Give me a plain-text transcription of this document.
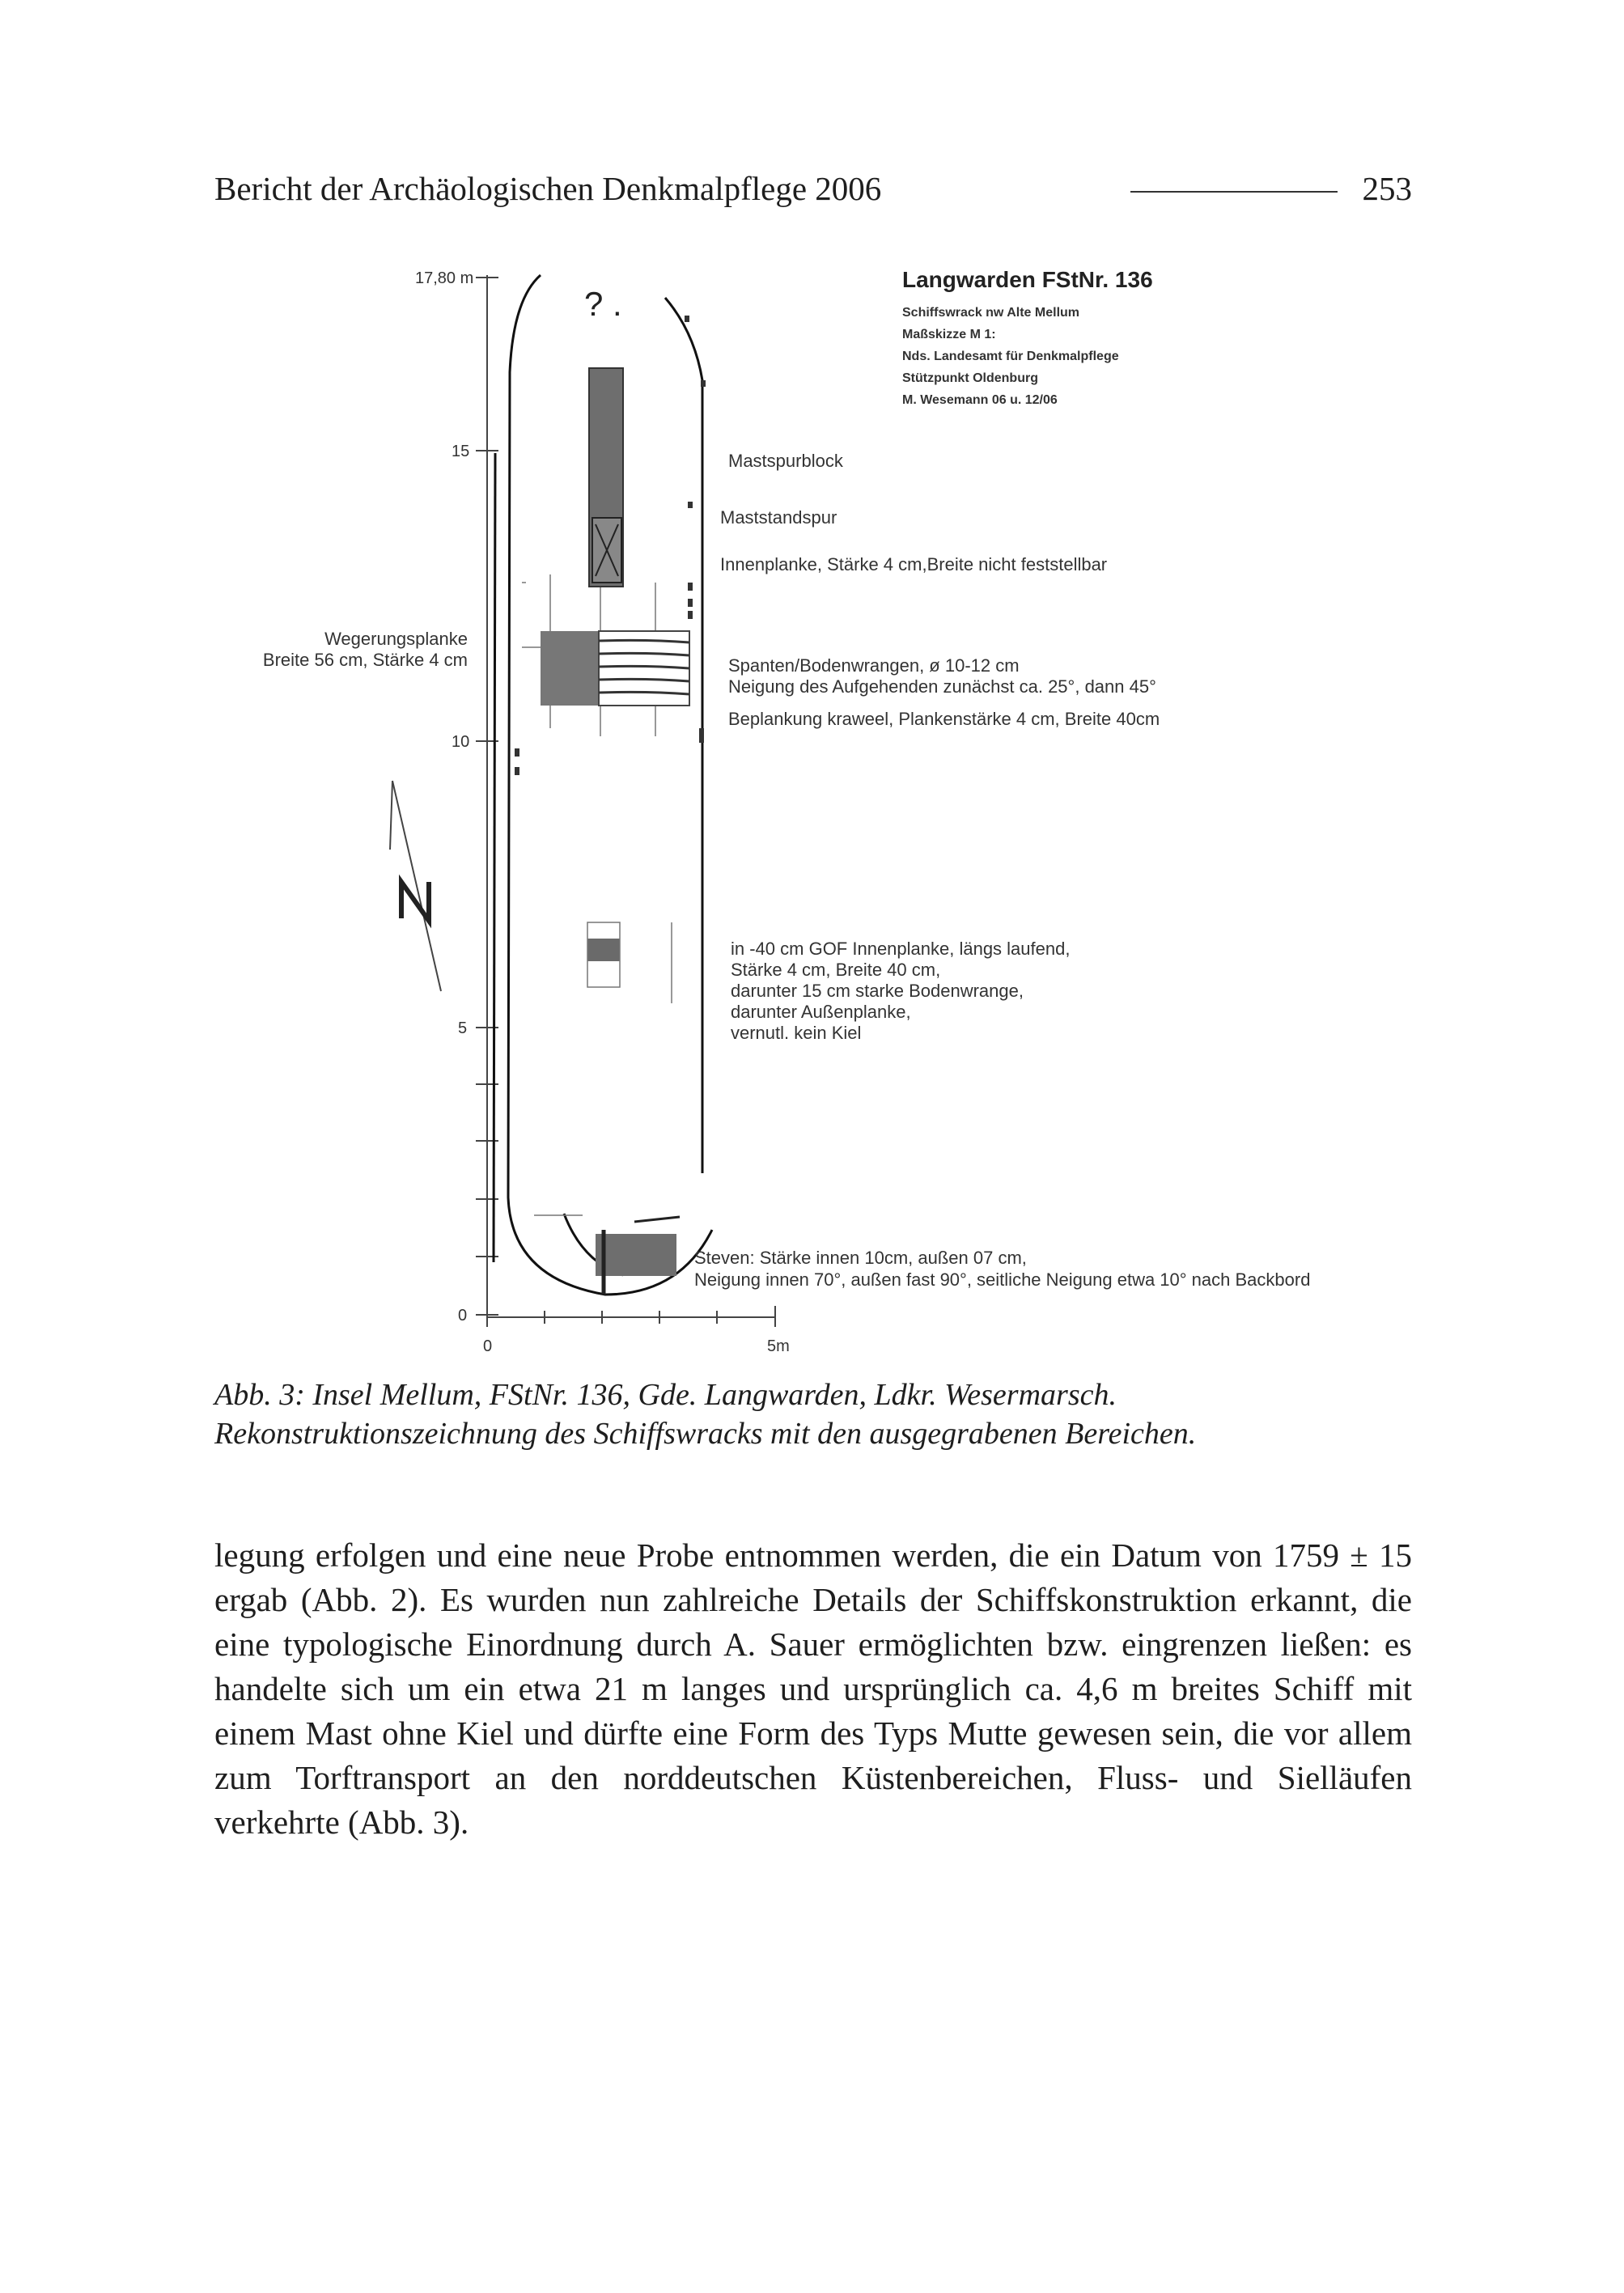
Bericht der Archäologischen Denkmalpflege 2006	253
17,80 m
15
10
5
0
0	5m
N
? .
Langwarden FStNr. 136
Schiffswrack nw Alte Mellum
Maßskizze M 1:
Nds. Landesamt für Denkmalpflege
Stützpunkt Oldenburg
M. Wesemann 06 u. 12/06
Wegerungsplanke
Breite 56 cm, Stärke 4 cm
Mastspurblock
Maststandspur
Innenplanke, Stärke 4 cm,Breite nicht feststellbar
Spanten/Bodenwrangen, ø 10-12 cm
Neigung des Aufgehenden zunächst ca. 25°, dann 45°
Beplankung kraweel, Plankenstärke 4 cm, Breite 40cm
in -40 cm GOF Innenplanke, längs laufend,
Stärke 4 cm, Breite 40 cm,
darunter 15 cm starke Bodenwrange,
darunter Außenplanke,
vernutl. kein Kiel
Steven: Stärke innen 10cm, außen 07 cm,
Neigung innen 70°, außen fast 90°, seitliche Neigung etwa 10° nach Backbord
Abb. 3: Insel Mellum, FStNr. 136, Gde. Langwarden, Ldkr. Wesermarsch. Rekonstruktionszeichnung des Schiffswracks mit den ausgegrabenen Bereichen.
legung erfolgen und eine neue Probe entnommen werden, die ein Datum von 1759 ± 15 ergab (Abb. 2). Es wurden nun zahlreiche Details der Schiffskonstruktion erkannt, die eine typologische Einordnung durch A. Sauer ermöglichten bzw. eingrenzen ließen: es handelte sich um ein etwa 21 m langes und ursprünglich ca. 4,6 m breites Schiff mit einem Mast ohne Kiel und dürfte eine Form des Typs Mutte gewesen sein, die vor allem zum Torftransport an den norddeutschen Küstenbereichen, Fluss- und Sielläufen verkehrte (Abb. 3).
